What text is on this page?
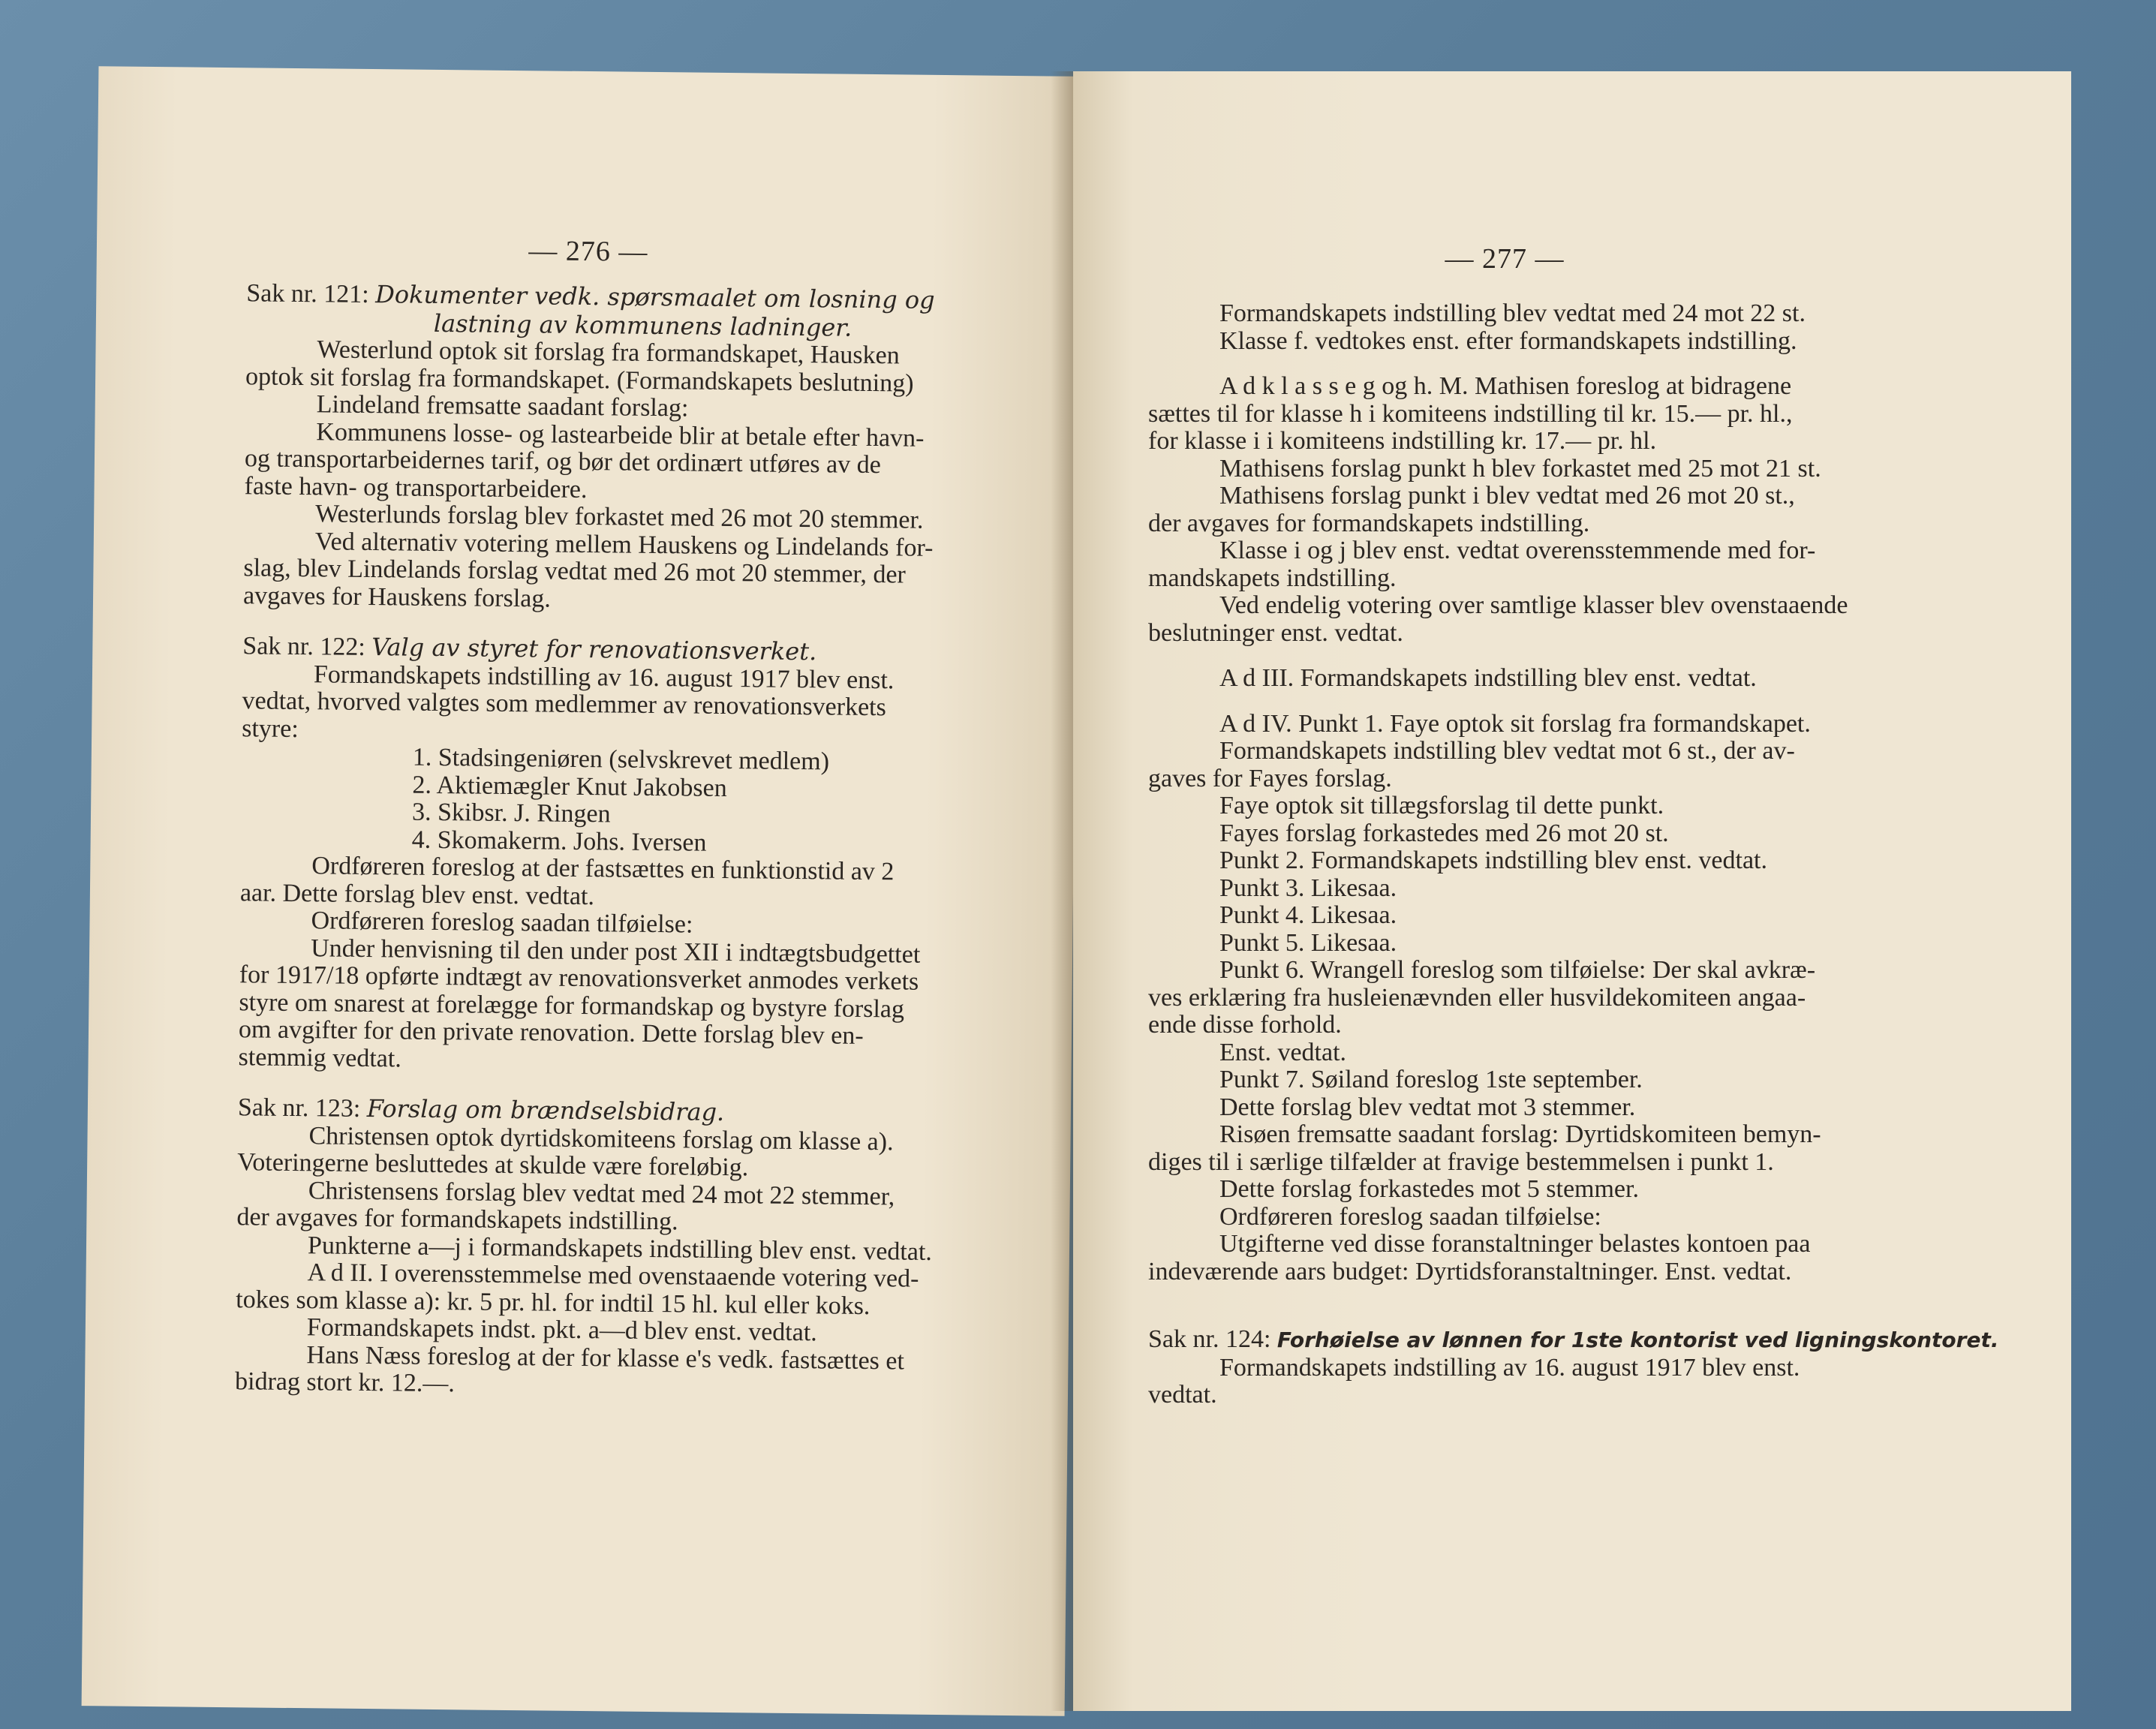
— 276 —
Sak nr. 121: Dokumenter vedk. spørsmaalet om losning og
lastning av kommunens ladninger.
Westerlund optok sit forslag fra formandskapet, Hausken
optok sit forslag fra formandskapet. (Formandskapets beslutning)
Lindeland fremsatte saadant forslag:
Kommunens losse- og lastearbeide blir at betale efter havn-
og transportarbeidernes tarif, og bør det ordinært utføres av de
faste havn- og transportarbeidere.
Westerlunds forslag blev forkastet med 26 mot 20 stemmer.
Ved alternativ votering mellem Hauskens og Lindelands for-
slag, blev Lindelands forslag vedtat med 26 mot 20 stemmer, der
avgaves for Hauskens forslag.
Sak nr. 122: Valg av styret for renovationsverket.
Formandskapets indstilling av 16. august 1917 blev enst.
vedtat, hvorved valgtes som medlemmer av renovationsverkets
styre:
1. Stadsingeniøren (selvskrevet medlem)
2. Aktiemægler Knut Jakobsen
3. Skibsr. J. Ringen
4. Skomakerm. Johs. Iversen
Ordføreren foreslog at der fastsættes en funktionstid av 2
aar. Dette forslag blev enst. vedtat.
Ordføreren foreslog saadan tilføielse:
Under henvisning til den under post XII i indtægtsbudgettet
for 1917/18 opførte indtægt av renovationsverket anmodes verkets
styre om snarest at forelægge for formandskap og bystyre forslag
om avgifter for den private renovation. Dette forslag blev en-
stemmig vedtat.
Sak nr. 123: Forslag om brændselsbidrag.
Christensen optok dyrtidskomiteens forslag om klasse a).
Voteringerne besluttedes at skulde være foreløbig.
Christensens forslag blev vedtat med 24 mot 22 stemmer,
der avgaves for formandskapets indstilling.
Punkterne a—j i formandskapets indstilling blev enst. vedtat.
A d II. I overensstemmelse med ovenstaaende votering ved-
tokes som klasse a): kr. 5 pr. hl. for indtil 15 hl. kul eller koks.
Formandskapets indst. pkt. a—d blev enst. vedtat.
Hans Næss foreslog at der for klasse e's vedk. fastsættes et
bidrag stort kr. 12.—.
— 277 —
Formandskapets indstilling blev vedtat med 24 mot 22 st.
Klasse f. vedtokes enst. efter formandskapets indstilling.
A d k l a s s e g og h. M. Mathisen foreslog at bidragene
sættes til for klasse h i komiteens indstilling til kr. 15.— pr. hl.,
for klasse i i komiteens indstilling kr. 17.— pr. hl.
Mathisens forslag punkt h blev forkastet med 25 mot 21 st.
Mathisens forslag punkt i blev vedtat med 26 mot 20 st.,
der avgaves for formandskapets indstilling.
Klasse i og j blev enst. vedtat overensstemmende med for-
mandskapets indstilling.
Ved endelig votering over samtlige klasser blev ovenstaaende
beslutninger enst. vedtat.
A d III. Formandskapets indstilling blev enst. vedtat.
A d IV. Punkt 1. Faye optok sit forslag fra formandskapet.
Formandskapets indstilling blev vedtat mot 6 st., der av-
gaves for Fayes forslag.
Faye optok sit tillægsforslag til dette punkt.
Fayes forslag forkastedes med 26 mot 20 st.
Punkt 2. Formandskapets indstilling blev enst. vedtat.
Punkt 3. Likesaa.
Punkt 4. Likesaa.
Punkt 5. Likesaa.
Punkt 6. Wrangell foreslog som tilføielse: Der skal avkræ-
ves erklæring fra husleienævnden eller husvildekomiteen angaa-
ende disse forhold.
Enst. vedtat.
Punkt 7. Søiland foreslog 1ste september.
Dette forslag blev vedtat mot 3 stemmer.
Risøen fremsatte saadant forslag: Dyrtidskomiteen bemyn-
diges til i særlige tilfælder at fravige bestemmelsen i punkt 1.
Dette forslag forkastedes mot 5 stemmer.
Ordføreren foreslog saadan tilføielse:
Utgifterne ved disse foranstaltninger belastes kontoen paa
indeværende aars budget: Dyrtidsforanstaltninger. Enst. vedtat.
Sak nr. 124: Forhøielse av lønnen for 1ste kontorist ved ligningskontoret.
Formandskapets indstilling av 16. august 1917 blev enst.
vedtat.
